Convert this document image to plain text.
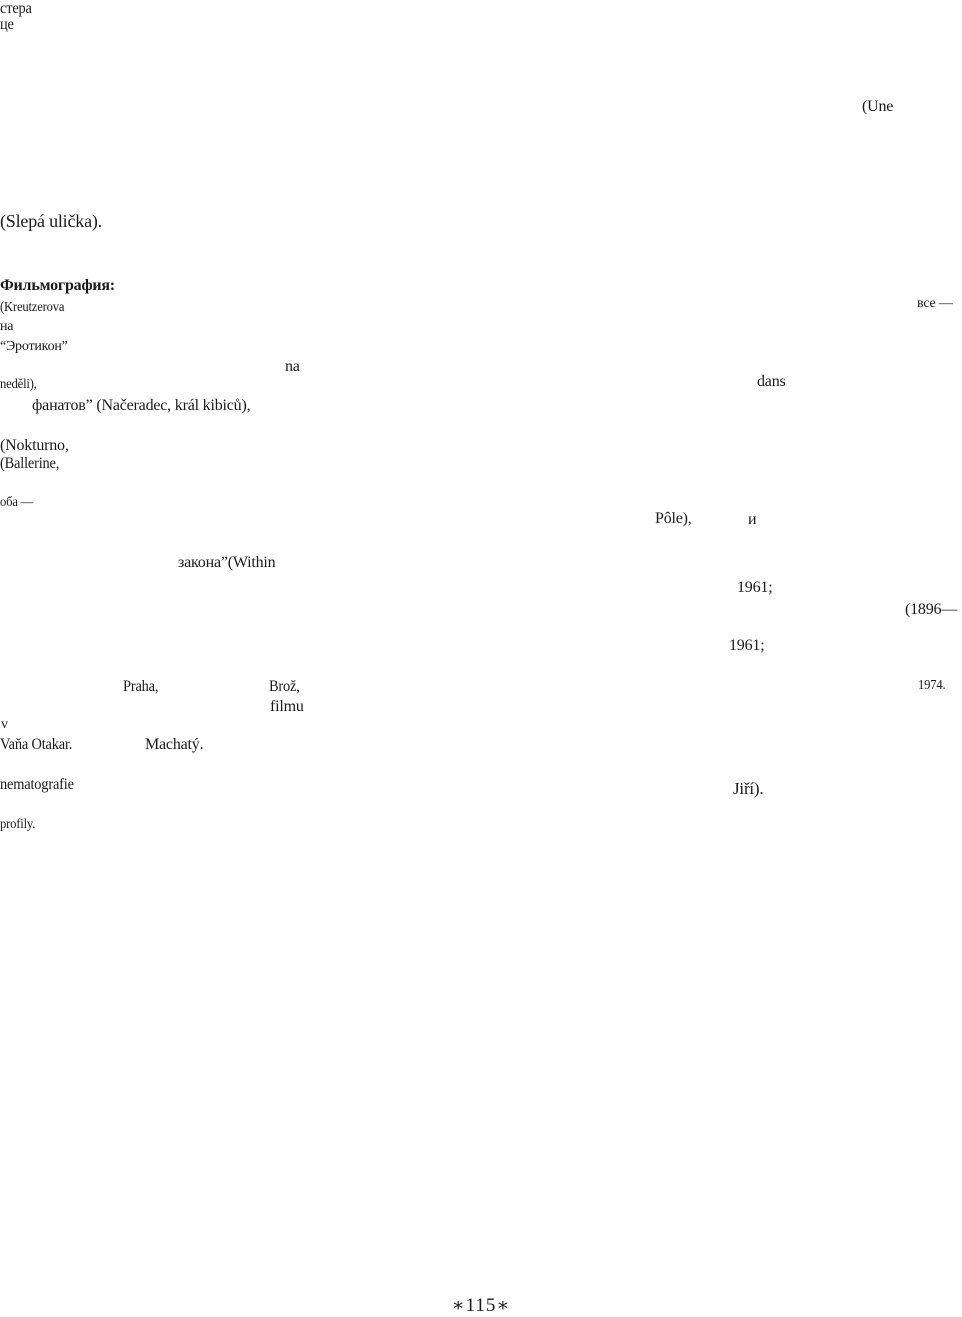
стера
це
(Une
(Slepá ulička).
Фильмография:
(Kreutzerova	все —
на
“Эротикон”
na
neděli),	dans
фанатов” (Načeradec, král kibiců),
(Nokturno,
(Ballerine,
оба —
Pôle),	и
закона”(Within
1961;
(1896—
1961;
Praha,	Brož,	1974.
filmu
v
Vaňa Otakar.	Machatý.
nematografie	Jiří).
profily.
∗115∗
